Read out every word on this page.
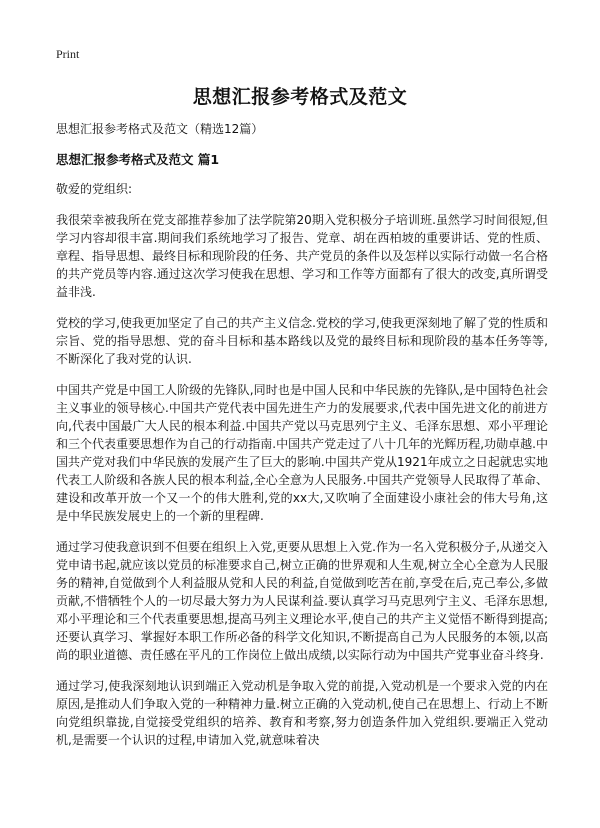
Print
思想汇报参考格式及范文

思想汇报参考格式及范文（精选12篇）

思想汇报参考格式及范文 篇1

敬爱的党组织:

我很荣幸被我所在党支部推荐参加了法学院第20期入党积极分子培训班.虽然学习时间很短,但学习内容却很丰富.期间我们系统地学习了报告、党章、胡在西柏坡的重要讲话、党的性质、章程、指导思想、最终目标和现阶段的任务、共产党员的条件以及怎样以实际行动做一名合格的共产党员等内容.通过这次学习使我在思想、学习和工作等方面都有了很大的改变,真所谓受益非浅.

党校的学习,使我更加坚定了自己的共产主义信念.党校的学习,使我更深刻地了解了党的性质和宗旨、党的指导思想、党的奋斗目标和基本路线以及党的最终目标和现阶段的基本任务等等,不断深化了我对党的认识.

中国共产党是中国工人阶级的先锋队,同时也是中国人民和中华民族的先锋队,是中国特色社会主义事业的领导核心.中国共产党代表中国先进生产力的发展要求,代表中国先进文化的前进方向,代表中国最广大人民的根本利益.中国共产党以马克思列宁主义、毛泽东思想、邓小平理论和三个代表重要思想作为自己的行动指南.中国共产党走过了八十几年的光辉历程,功勋卓越.中国共产党对我们中华民族的发展产生了巨大的影响.中国共产党从1921年成立之日起就忠实地代表工人阶级和各族人民的根本利益,全心全意为人民服务.中国共产党领导人民取得了革命、建设和改革开放一个又一个的伟大胜利,党的xx大,又吹响了全面建设小康社会的伟大号角,这是中华民族发展史上的一个新的里程碑.

通过学习使我意识到不但要在组织上入党,更要从思想上入党.作为一名入党积极分子,从递交入党申请书起,就应该以党员的标准要求自己,树立正确的世界观和人生观,树立全心全意为人民服务的精神,自觉做到个人利益服从党和人民的利益,自觉做到吃苦在前,享受在后,克己奉公,多做贡献,不惜牺牲个人的一切尽最大努力为人民谋利益.要认真学习马克思列宁主义、毛泽东思想,邓小平理论和三个代表重要思想,提高马列主义理论水平,使自己的共产主义觉悟不断得到提高;还要认真学习、掌握好本职工作所必备的科学文化知识,不断提高自己为人民服务的本领,以高尚的职业道德、责任感在平凡的工作岗位上做出成绩,以实际行动为中国共产党事业奋斗终身.

通过学习,使我深刻地认识到端正入党动机是争取入党的前提,入党动机是一个要求入党的内在原因,是推动人们争取入党的一种精神力量.树立正确的入党动机,使自己在思想上、行动上不断向党组织靠拢,自觉接受党组织的培养、教育和考察,努力创造条件加入党组织.要端正入党动机,是需要一个认识的过程,申请加入党,就意味着决
